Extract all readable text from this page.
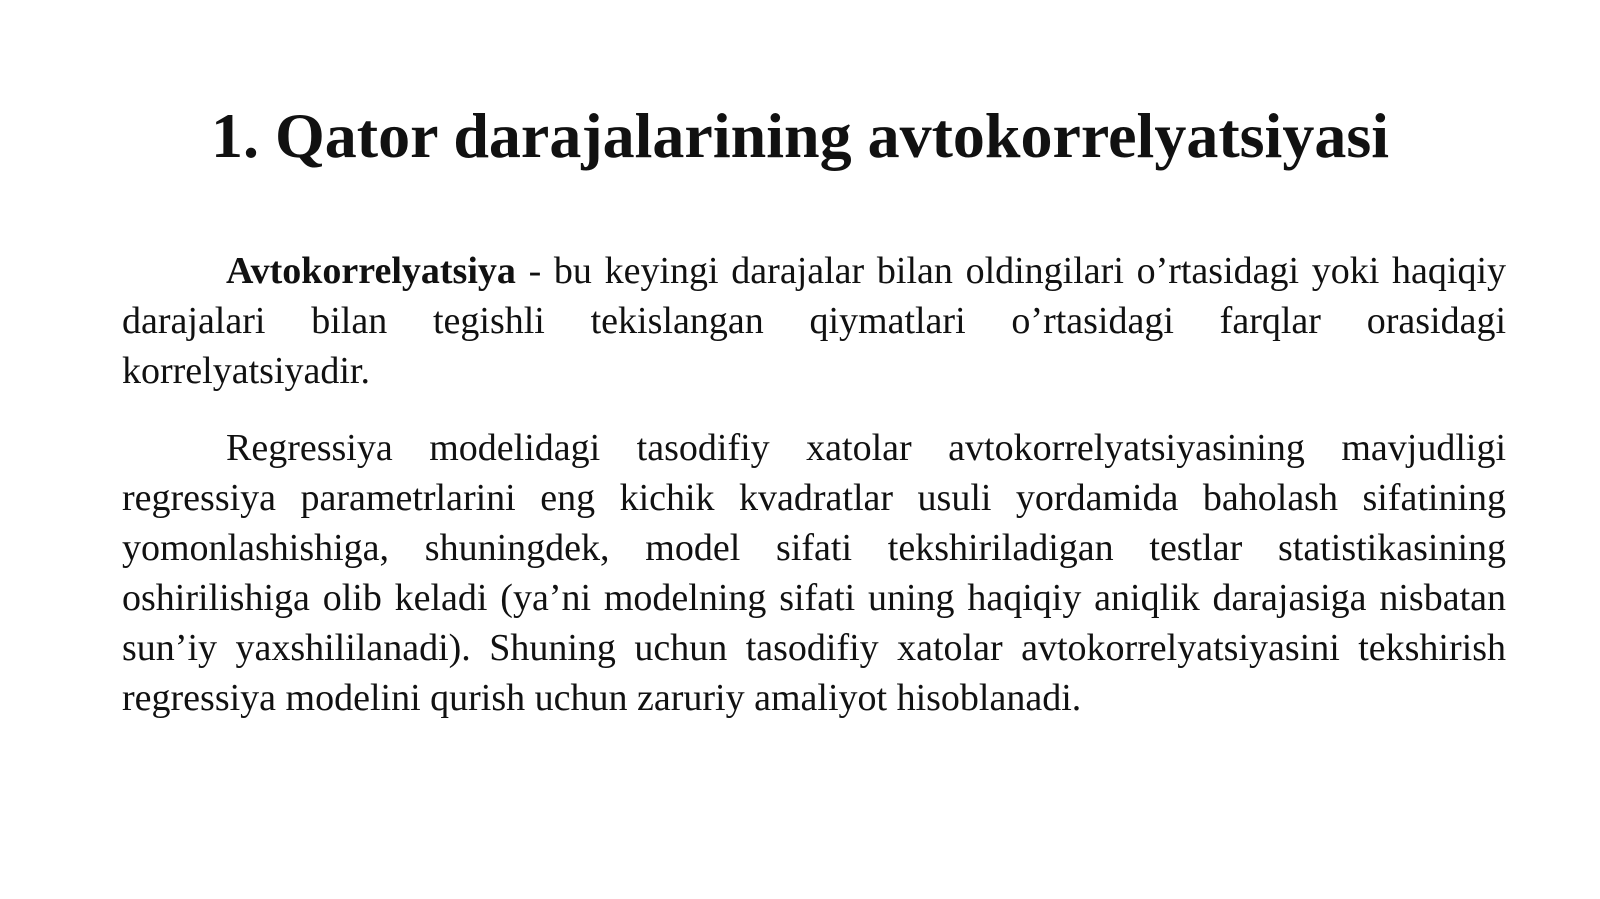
1. Qator darajalarining avtokorrelyatsiyasi

Avtokorrelyatsiya - bu keyingi darajalar bilan oldingilari o’rtasidagi yoki haqiqiy darajalari bilan tegishli tekislangan qiymatlari o’rtasidagi farqlar orasidagi korrelyatsiyadir.

Regressiya modelidagi tasodifiy xatolar avtokorrelyatsiyasining mavjudligi regressiya parametrlarini eng kichik kvadratlar usuli yordamida baholash sifatining yomonlashishiga, shuningdek, model sifati tekshiriladigan testlar statistikasining oshirilishiga olib keladi (ya’ni modelning sifati uning haqiqiy aniqlik darajasiga nisbatan sun’iy yaxshililanadi). Shuning uchun tasodifiy xatolar avtokorrelyatsiyasini tekshirish regressiya modelini qurish uchun zaruriy amaliyot hisoblanadi.
